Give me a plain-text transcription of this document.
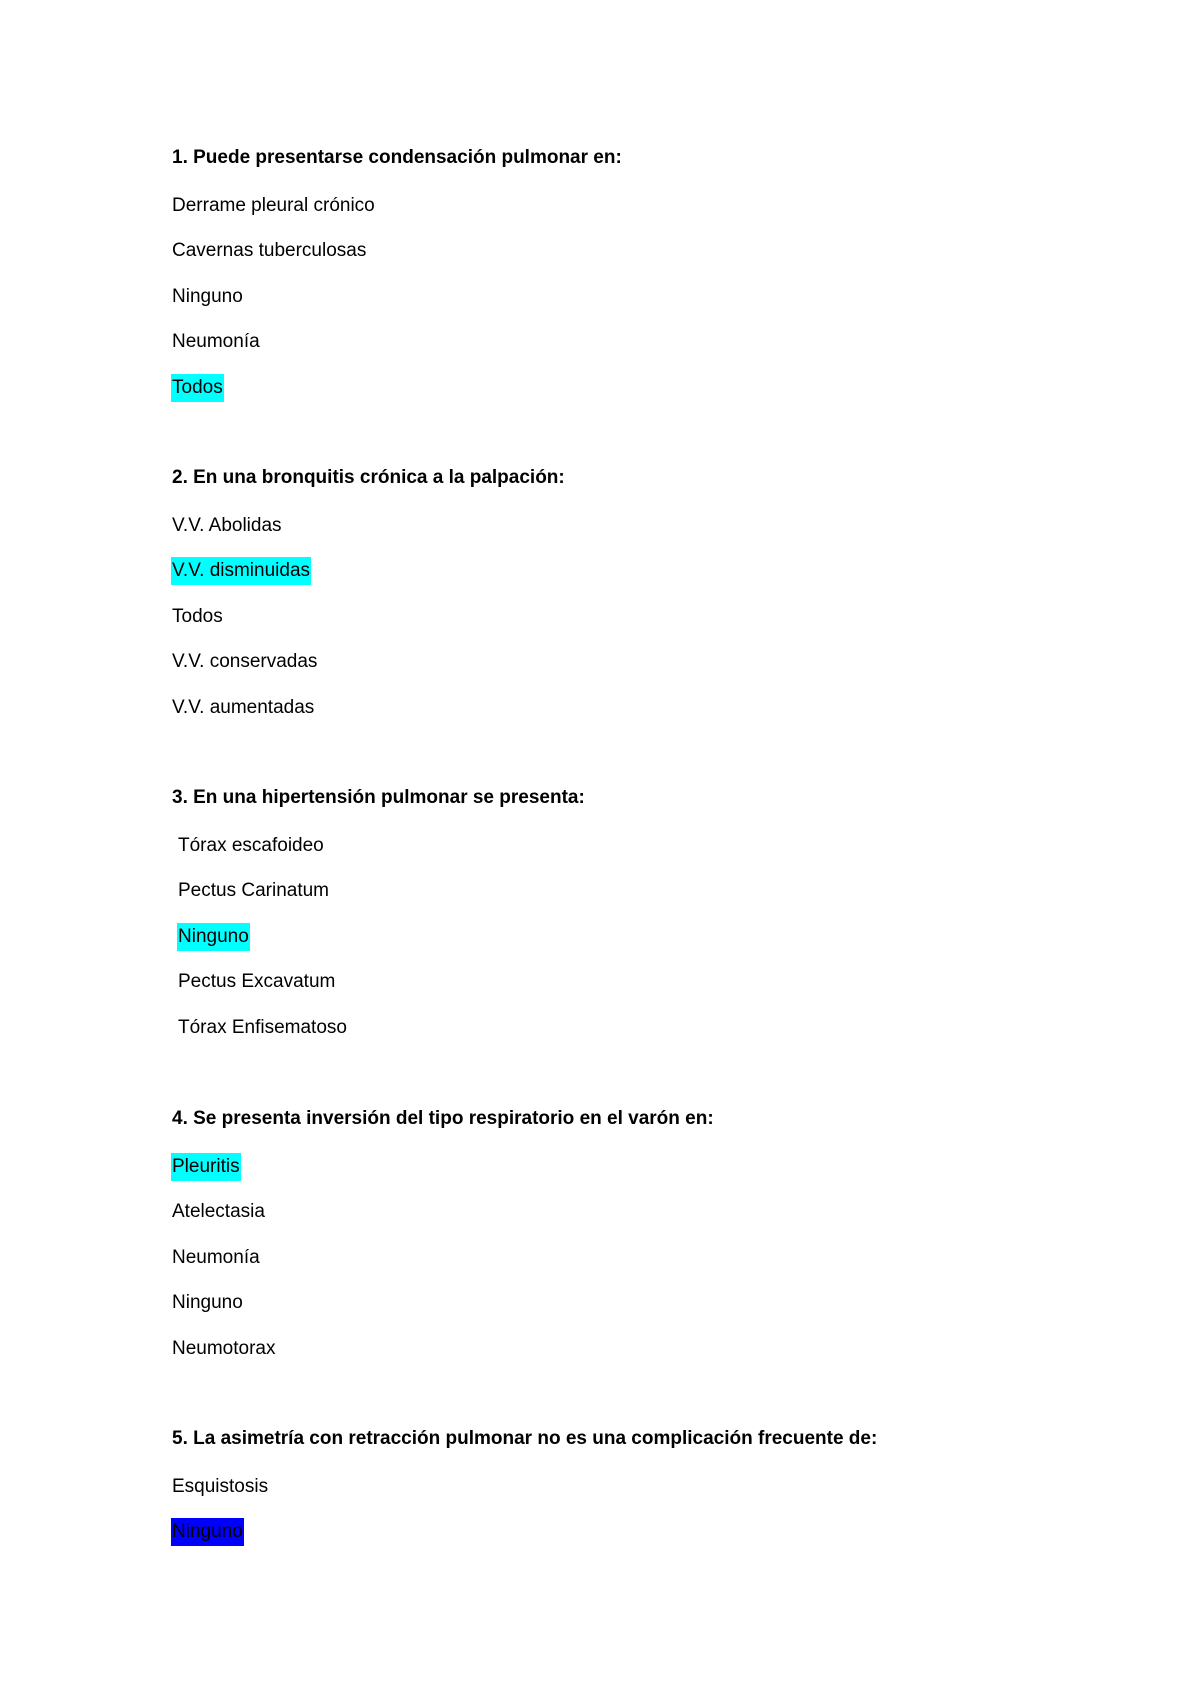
1. Puede presentarse condensación pulmonar en:
Derrame pleural crónico
Cavernas tuberculosas
Ninguno
Neumonía
Todos
2. En una bronquitis crónica a la palpación:
V.V. Abolidas
V.V. disminuidas
Todos
V.V. conservadas
V.V. aumentadas
3. En una hipertensión pulmonar se presenta:
Tórax escafoideo
Pectus Carinatum
Ninguno
Pectus Excavatum
Tórax Enfisematoso
4. Se presenta inversión del tipo respiratorio en el varón en:
Pleuritis
Atelectasia
Neumonía
Ninguno
Neumotorax
5. La asimetría con retracción pulmonar no es una complicación frecuente de:
Esquistosis
Ninguno
